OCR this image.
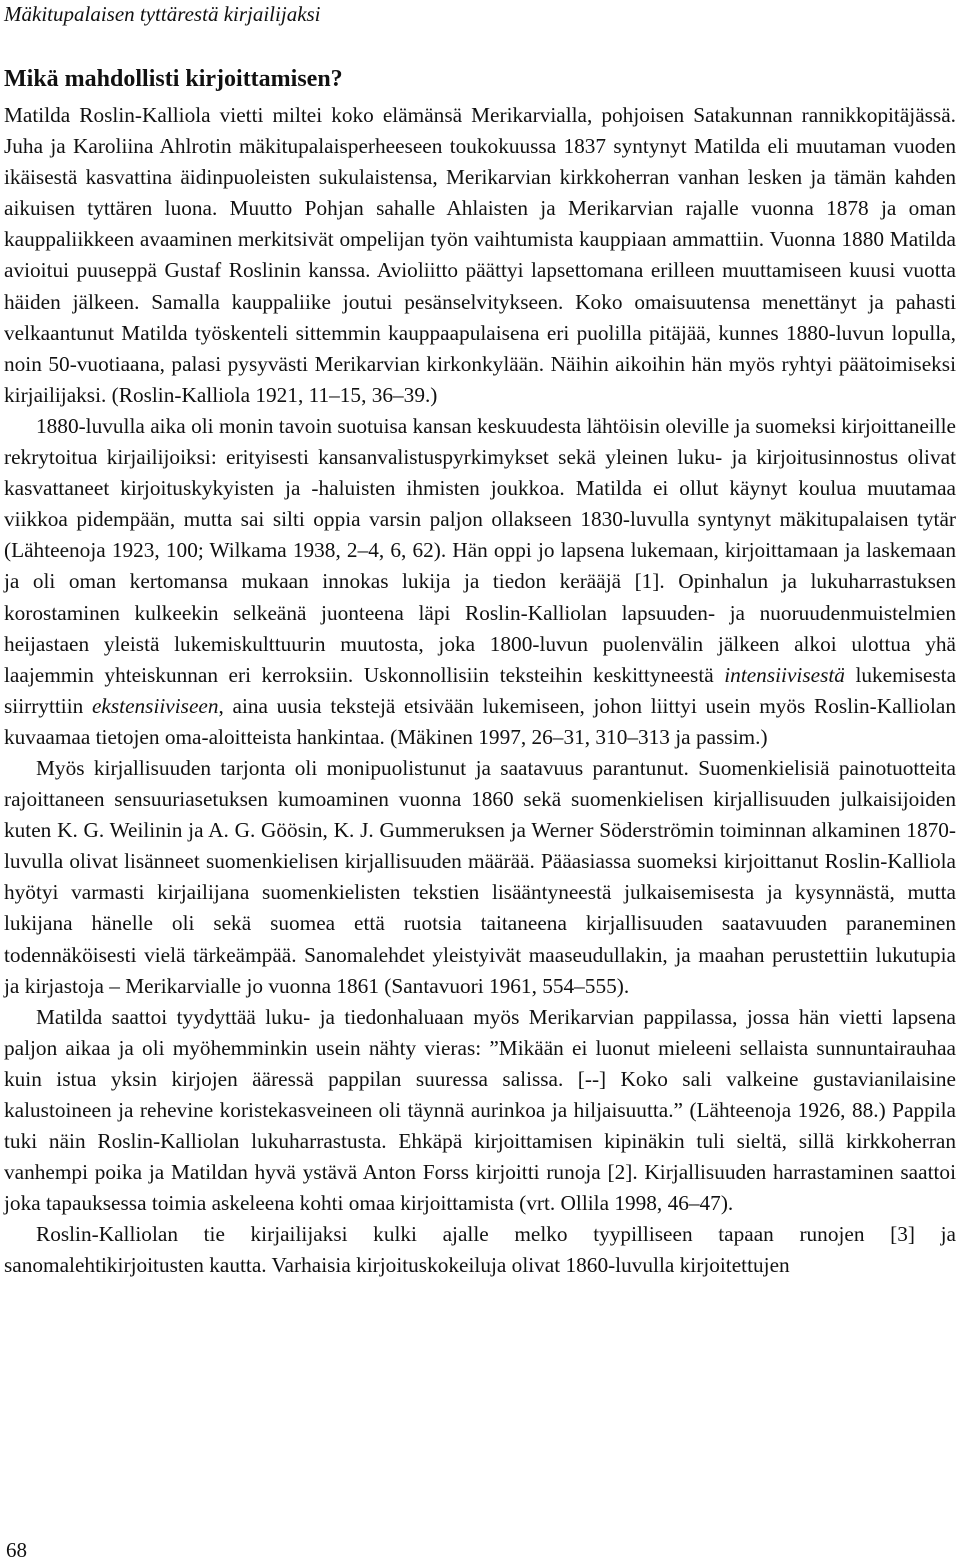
Mäkitupalaisen tyttärestä kirjailijaksi

Mikä mahdollisti kirjoittamisen?

Matilda Roslin-Kalliola vietti miltei koko elämänsä Merikarvialla, pohjoisen Satakunnan rannikkopitäjässä. Juha ja Karoliina Ahlrotin mäkitupalaisperheeseen toukokuussa 1837 syntynyt Matilda eli muutaman vuoden ikäisestä kasvattina äidinpuoleisten sukulaistensa, Merikarvian kirkkoherran vanhan lesken ja tämän kahden aikuisen tyttären luona. Muutto Pohjan sahalle Ahlaisten ja Merikarvian rajalle vuonna 1878 ja oman kauppaliikkeen avaaminen merkitsivät ompelijan työn vaihtumista kauppiaan ammattiin. Vuonna 1880 Matilda avioitui puuseppä Gustaf Roslinin kanssa. Avioliitto päättyi lapsettomana erilleen muuttamiseen kuusi vuotta häiden jälkeen. Samalla kauppaliike joutui pesänselvitykseen. Koko omaisuutensa menettänyt ja pahasti velkaantunut Matilda työskenteli sittemmin kauppaapulaisena eri puolilla pitäjää, kunnes 1880-luvun lopulla, noin 50-vuotiaana, palasi pysyvästi Merikarvian kirkonkylään. Näihin aikoihin hän myös ryhtyi päätoimiseksi kirjailijaksi. (Roslin-Kalliola 1921, 11–15, 36–39.)

1880-luvulla aika oli monin tavoin suotuisa kansan keskuudesta lähtöisin oleville ja suomeksi kirjoittaneille rekrytoitua kirjailijoiksi: erityisesti kansanvalistuspyrkimykset sekä yleinen luku- ja kirjoitusinnostus olivat kasvattaneet kirjoituskykyisten ja -haluisten ihmisten joukkoa. Matilda ei ollut käynyt koulua muutamaa viikkoa pidempään, mutta sai silti oppia varsin paljon ollakseen 1830-luvulla syntynyt mäkitupalaisen tytär (Lähteenoja 1923, 100; Wilkama 1938, 2–4, 6, 62). Hän oppi jo lapsena lukemaan, kirjoittamaan ja laskemaan ja oli oman kertomansa mukaan innokas lukija ja tiedon kerääjä [1]. Opinhalun ja lukuharrastuksen korostaminen kulkeekin selkeänä juonteena läpi Roslin-Kalliolan lapsuuden- ja nuoruudenmuistelmien heijastaen yleistä lukemiskulttuurin muutosta, joka 1800-luvun puolenvälin jälkeen alkoi ulottua yhä laajemmin yhteiskunnan eri kerroksiin. Uskonnollisiin teksteihin keskittyneestä intensiivisestä lukemisesta siirryttiin ekstensiiviseen, aina uusia tekstejä etsivään lukemiseen, johon liittyi usein myös Roslin-Kalliolan kuvaamaa tietojen oma-aloitteista hankintaa. (Mäkinen 1997, 26–31, 310–313 ja passim.)

Myös kirjallisuuden tarjonta oli monipuolistunut ja saatavuus parantunut. Suomenkielisiä painotuotteita rajoittaneen sensuuriasetuksen kumoaminen vuonna 1860 sekä suomenkielisen kirjallisuuden julkaisijoiden kuten K. G. Weilinin ja A. G. Göösin, K. J. Gummeruksen ja Werner Söderströmin toiminnan alkaminen 1870-luvulla olivat lisänneet suomenkielisen kirjallisuuden määrää. Pääasiassa suomeksi kirjoittanut Roslin-Kalliola hyötyi varmasti kirjailijana suomenkielisten tekstien lisääntyneestä julkaisemisesta ja kysynnästä, mutta lukijana hänelle oli sekä suomea että ruotsia taitaneena kirjallisuuden saatavuuden paraneminen todennäköisesti vielä tärkeämpää. Sanomalehdet yleistyivät maaseudullakin, ja maahan perustettiin lukutupia ja kirjastoja – Merikarvialle jo vuonna 1861 (Santavuori 1961, 554–555).

Matilda saattoi tyydyttää luku- ja tiedonhaluaan myös Merikarvian pappilassa, jossa hän vietti lapsena paljon aikaa ja oli myöhemminkin usein nähty vieras: ”Mikään ei luonut mieleeni sellaista sunnuntairauhaa kuin istua yksin kirjojen ääressä pappilan suuressa salissa. [--] Koko sali valkeine gustavianilaisine kalustoineen ja rehevine koristekasveineen oli täynnä aurinkoa ja hiljaisuutta.” (Lähteenoja 1926, 88.) Pappila tuki näin Roslin-Kalliolan lukuharrastusta. Ehkäpä kirjoittamisen kipinäkin tuli sieltä, sillä kirkkoherran vanhempi poika ja Matildan hyvä ystävä Anton Forss kirjoitti runoja [2]. Kirjallisuuden harrastaminen saattoi joka tapauksessa toimia askeleena kohti omaa kirjoittamista (vrt. Ollila 1998, 46–47).

Roslin-Kalliolan tie kirjailijaksi kulki ajalle melko tyypilliseen tapaan runojen [3] ja sanomalehtikirjoitusten kautta. Varhaisia kirjoituskokeiluja olivat 1860-luvulla kirjoitettujen

68
